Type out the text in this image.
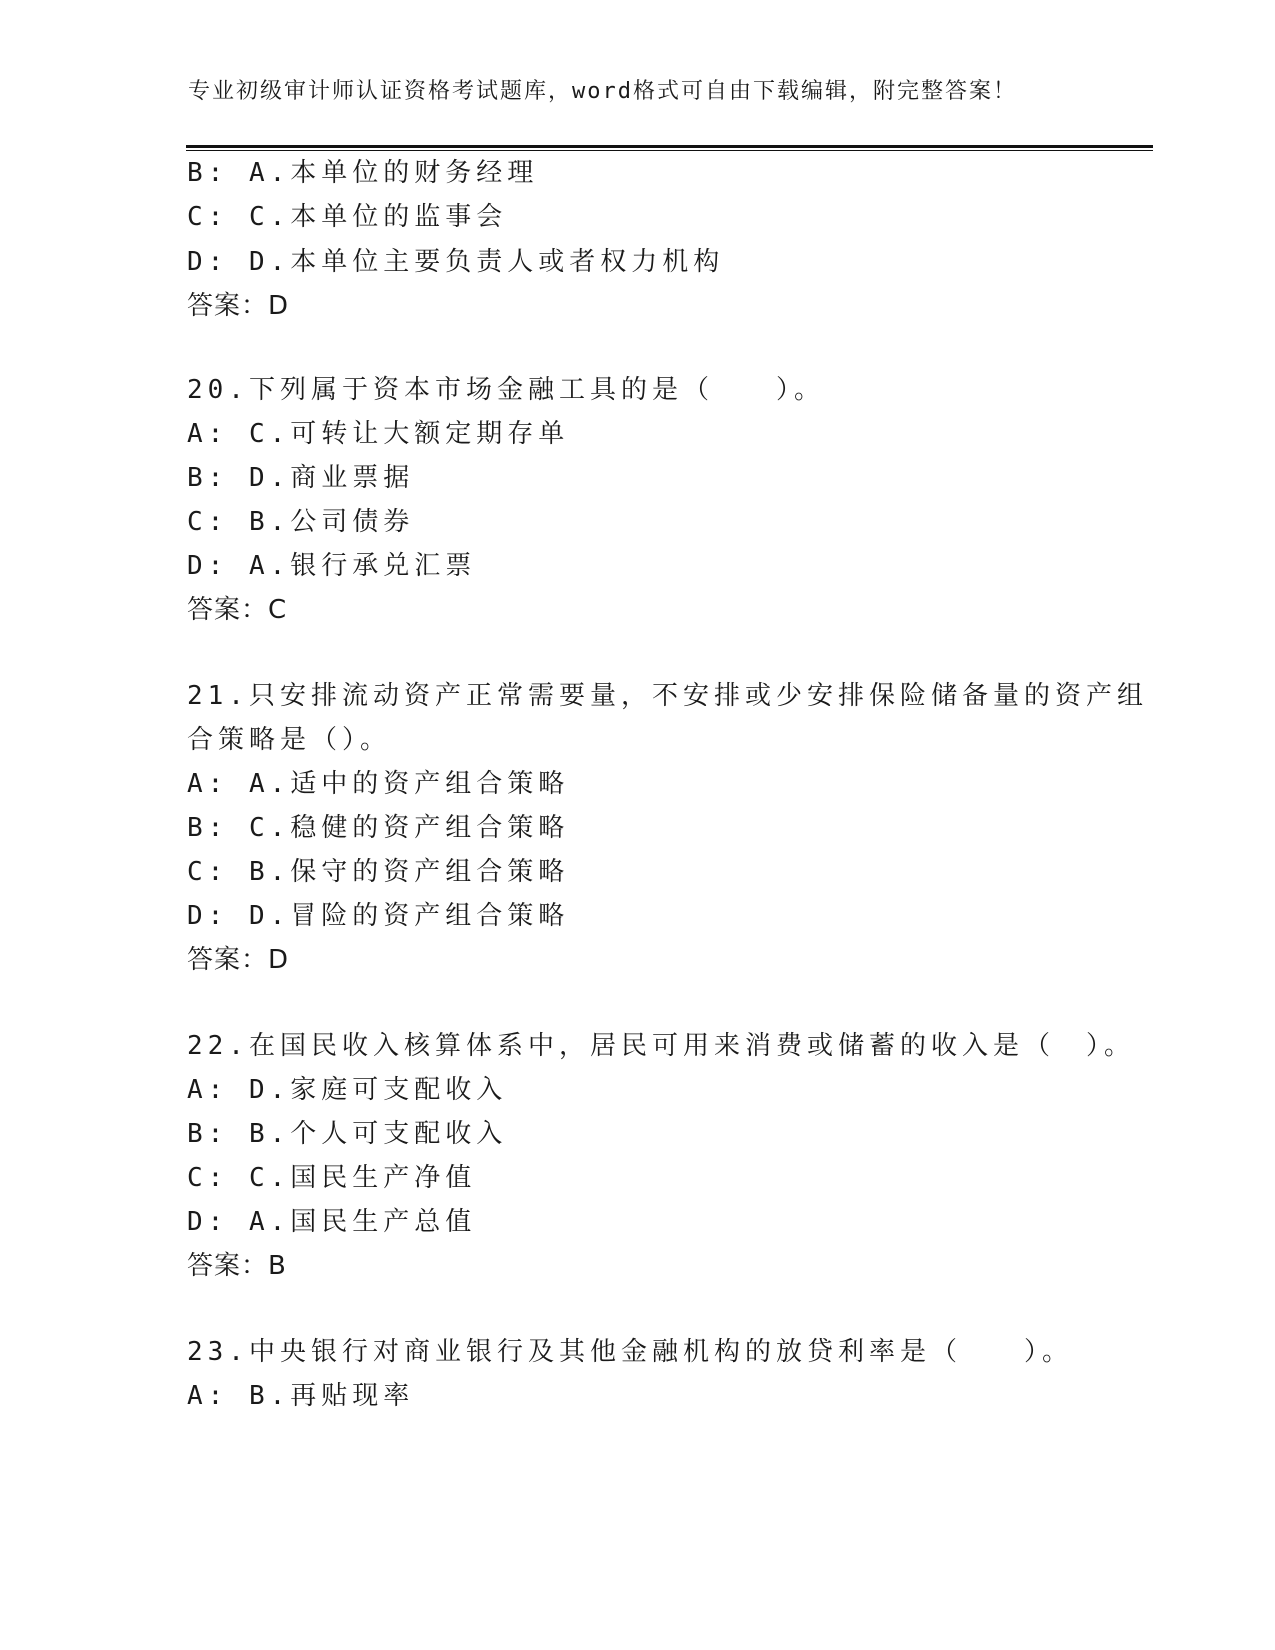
专业初级审计师认证资格考试题库，word格式可自由下载编辑，附完整答案！
B: A.本单位的财务经理
C: C.本单位的监事会
D: D.本单位主要负责人或者权力机构
答案：D
20.下列属于资本市场金融工具的是（　　）。
A: C.可转让大额定期存单
B: D.商业票据
C: B.公司债券
D: A.银行承兑汇票
答案：C
21.只安排流动资产正常需要量，不安排或少安排保险储备量的资产组
合策略是（）。
A: A.适中的资产组合策略
B: C.稳健的资产组合策略
C: B.保守的资产组合策略
D: D.冒险的资产组合策略
答案：D
22.在国民收入核算体系中，居民可用来消费或储蓄的收入是（　）。
A: D.家庭可支配收入
B: B.个人可支配收入
C: C.国民生产净值
D: A.国民生产总值
答案：B
23.中央银行对商业银行及其他金融机构的放贷利率是（　　）。
A: B.再贴现率
